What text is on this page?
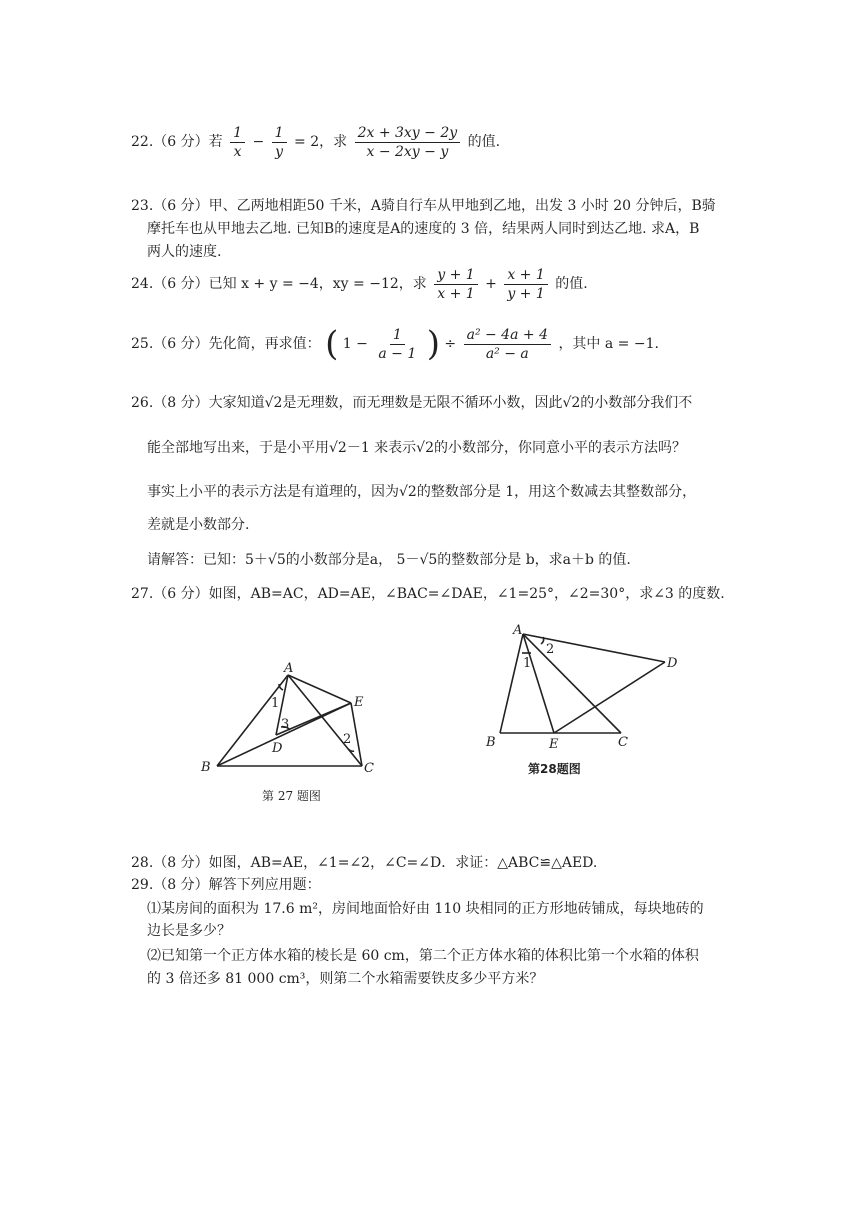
22.（6 分）若 $\frac{1}{x} - \frac{1}{y} = 2$，求 $\frac{2x + 3xy - 2y}{x - 2xy - y}$ 的值.
23.（6 分）甲、乙两地相距50 千米，A骑自行车从甲地到乙地，出发 3 小时 20 分钟后，B骑
摩托车也从甲地去乙地. 已知B的速度是A的速度的 3 倍，结果两人同时到达乙地. 求A，B
两人的速度.
24.（6 分）已知 x + y = −4，xy = −12，求 $\frac{y + 1}{x + 1} + \frac{x + 1}{y + 1}$ 的值.
25.（6 分）先化简，再求值： ( $1 - \frac{1}{a - 1}$ ) ÷ $\frac{\text{a² − 4a + 4}}{\text{a² − a}}$ ，其中 a = −1.
26.（8 分）大家知道√2是无理数，而无理数是无限不循环小数，因此√2的小数部分我们不
能全部地写出来，于是小平用√2－1 来表示√2的小数部分，你同意小平的表示方法吗？
事实上小平的表示方法是有道理的，因为√2的整数部分是 1，用这个数减去其整数部分，
差就是小数部分.
请解答：已知：5＋√5的小数部分是a， 5－√5的整数部分是 b，求a＋b 的值.
27.（6 分）如图，AB=AC，AD=AE，∠BAC=∠DAE，∠1=25°，∠2=30°，求∠3 的度数.
A
B	C
D
E
1
2
3
第 27 题图
A
B	C
D
E
1
2
第28题图
28.（8 分）如图，AB=AE，∠1=∠2，∠C=∠D．求证：△ABC≌△AED.
29.（8 分）解答下列应用题：
⑴某房间的面积为 17.6 m²，房间地面恰好由 110 块相同的正方形地砖铺成，每块地砖的
边长是多少？
⑵已知第一个正方体水箱的棱长是 60 cm，第二个正方体水箱的体积比第一个水箱的体积
的 3 倍还多 81 000 cm³，则第二个水箱需要铁皮多少平方米？
